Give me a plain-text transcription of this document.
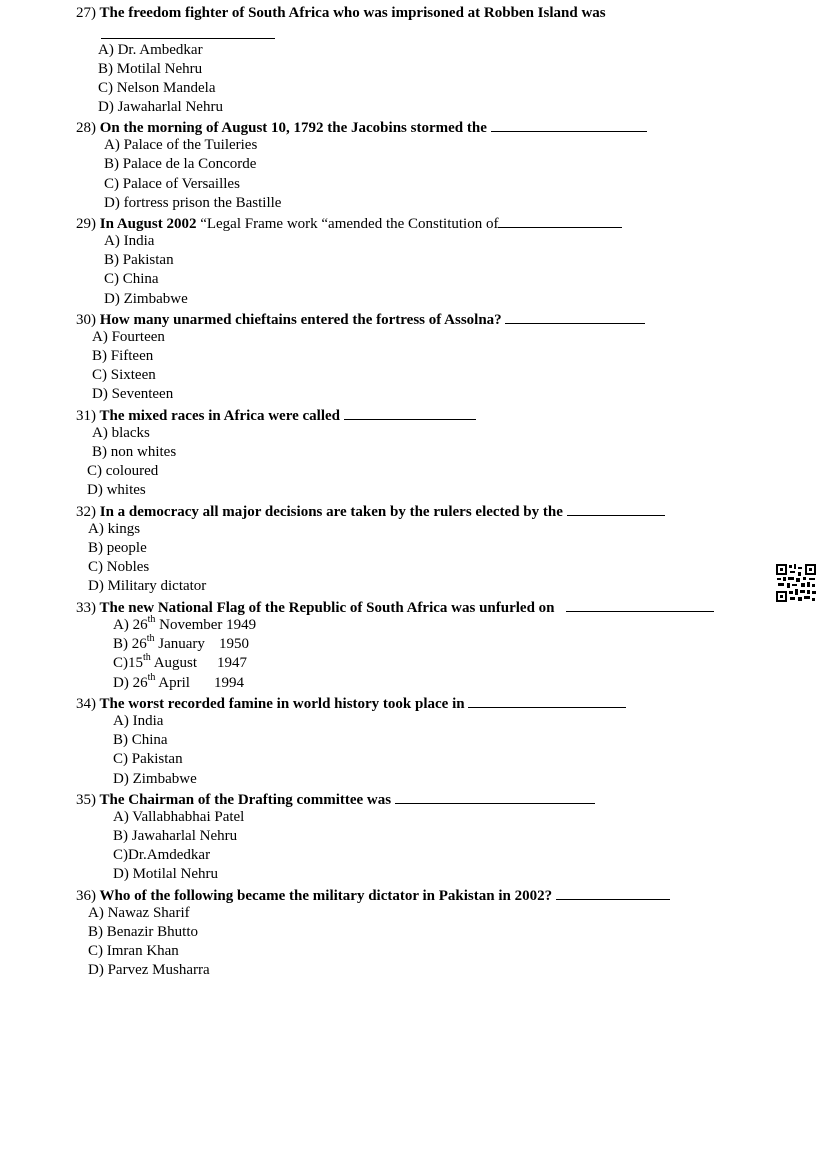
27) The freedom fighter of South Africa who was imprisoned at Robben Island was
A) Dr. Ambedkar
B) Motilal Nehru
C) Nelson Mandela
D) Jawaharlal Nehru
28) On the morning of August 10, 1792 the Jacobins stormed the
A) Palace of the Tuileries
B) Palace de la Concorde
C) Palace of Versailles
D) fortress prison the Bastille
29) In August 2002 “Legal Frame work “amended the Constitution of
A) India
B) Pakistan
C) China
D) Zimbabwe
30) How many unarmed chieftains entered the fortress of Assolna?
A) Fourteen
B) Fifteen
C) Sixteen
D) Seventeen
31) The mixed races in Africa were called
A) blacks
B) non whites
C) coloured
D) whites
32) In a democracy all major decisions are taken by the rulers elected by the
A) kings
B) people
C) Nobles
D) Military dictator
33) The new National Flag of the Republic of South Africa was unfurled on
A) 26th November 1949
B) 26th January 1950
C)15th August 1947
D) 26th April 1994
34) The worst recorded famine in world history took place in
A) India
B) China
C) Pakistan
D) Zimbabwe
35) The Chairman of the Drafting committee was
A) Vallabhabhai Patel
B) Jawaharlal Nehru
C)Dr.Amdedkar
D) Motilal Nehru
36) Who of the following became the military dictator in Pakistan in 2002?
A) Nawaz Sharif
B) Benazir Bhutto
C) Imran Khan
D) Parvez Musharra
